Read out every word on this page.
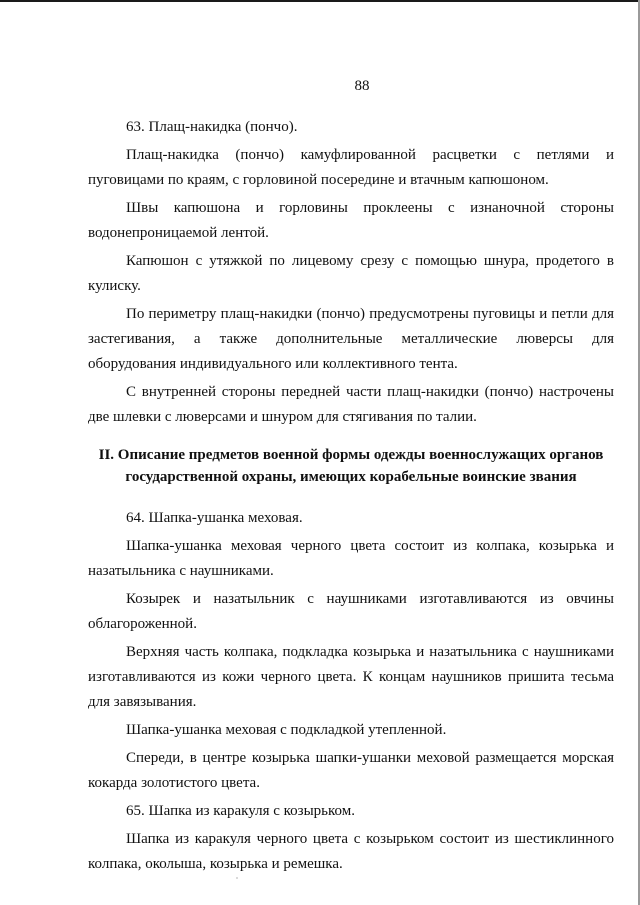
88

63. Плащ-накидка (пончо).

Плащ-накидка (пончо) камуфлированной расцветки с петлями и пуговицами по краям, с горловиной посередине и втачным капюшоном.

Швы капюшона и горловины проклеены с изнаночной стороны водонепроницаемой лентой.

Капюшон с утяжкой по лицевому срезу с помощью шнура, продетого в кулиску.

По периметру плащ-накидки (пончо) предусмотрены пуговицы и петли для застегивания, а также дополнительные металлические люверсы для оборудования индивидуального или коллективного тента.

С внутренней стороны передней части плащ-накидки (пончо) настрочены две шлевки с люверсами и шнуром для стягивания по талии.

II. Описание предметов военной формы одежды военнослужащих органов
государственной охраны, имеющих корабельные воинские звания

64. Шапка-ушанка меховая.

Шапка-ушанка меховая черного цвета состоит из колпака, козырька и назатыльника с наушниками.

Козырек и назатыльник с наушниками изготавливаются из овчины облагороженной.

Верхняя часть колпака, подкладка козырька и назатыльника с наушниками изготавливаются из кожи черного цвета. К концам наушников пришита тесьма для завязывания.

Шапка-ушанка меховая с подкладкой утепленной.

Спереди, в центре козырька шапки-ушанки меховой размещается морская кокарда золотистого цвета.

65. Шапка из каракуля с козырьком.

Шапка из каракуля черного цвета с козырьком состоит из шестиклинного колпака, околыша, козырька и ремешка.
